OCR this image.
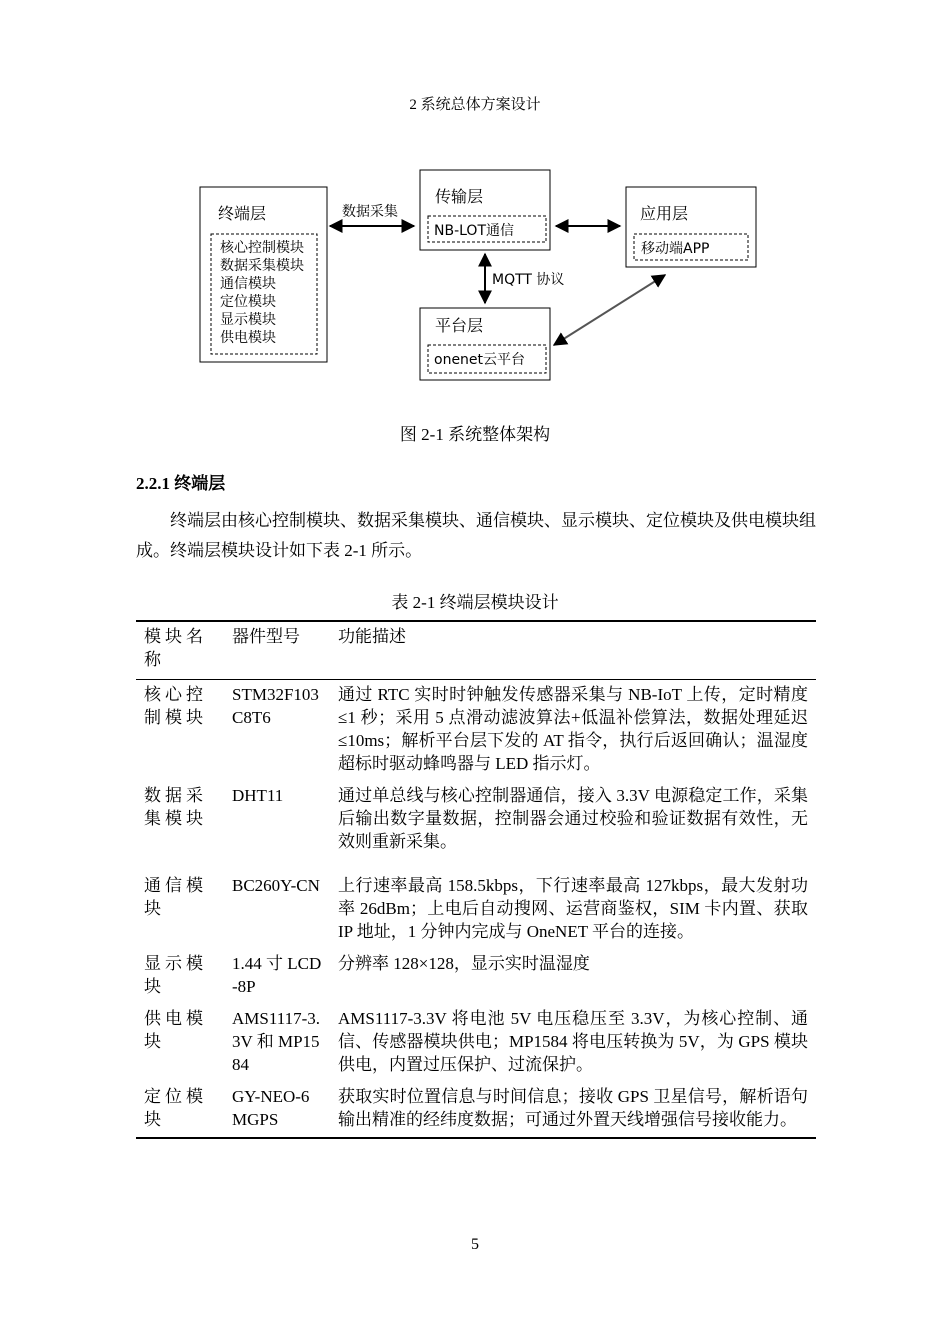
2 系统总体方案设计
终端层
核心控制模块
数据采集模块
通信模块
定位模块
显示模块
供电模块
传输层
NB-LOT通信
应用层
移动端APP
平台层
onenet云平台
数据采集
MQTT 协议
图 2-1 系统整体架构
2.2.1 终端层
终端层由核心控制模块、数据采集模块、通信模块、显示模块、定位模块及供电模块组成。终端层模块设计如下表 2-1 所示。
表 2-1 终端层模块设计
模块名称	器件型号	功能描述
核心控制模块	STM32F103C8T6	通过 RTC 实时时钟触发传感器采集与 NB-IoT 上传，定时精度≤1 秒；采用 5 点滑动滤波算法+低温补偿算法，数据处理延迟≤10ms；解析平台层下发的 AT 指令，执行后返回确认；温湿度超标时驱动蜂鸣器与 LED 指示灯。
数据采集模块	DHT11	通过单总线与核心控制器通信，接入 3.3V 电源稳定工作，采集后输出数字量数据，控制器会通过校验和验证数据有效性，无效则重新采集。
通信模块	BC260Y-CN	上行速率最高 158.5kbps，下行速率最高 127kbps，最大发射功率 26dBm；上电后自动搜网、运营商鉴权，SIM 卡内置、获取 IP 地址，1 分钟内完成与 OneNET 平台的连接。
显示模块	1.44 寸 LCD-8P	分辨率 128×128，显示实时温湿度
供电模块	AMS1117-3.3V 和 MP1584	AMS1117-3.3V 将电池 5V 电压稳压至 3.3V，为核心控制、通信、传感器模块供电；MP1584 将电压转换为 5V，为 GPS 模块供电，内置过压保护、过流保护。
定位模块	GY-NEO-6MGPS	获取实时位置信息与时间信息；接收 GPS 卫星信号，解析语句输出精准的经纬度数据；可通过外置天线增强信号接收能力。
5
